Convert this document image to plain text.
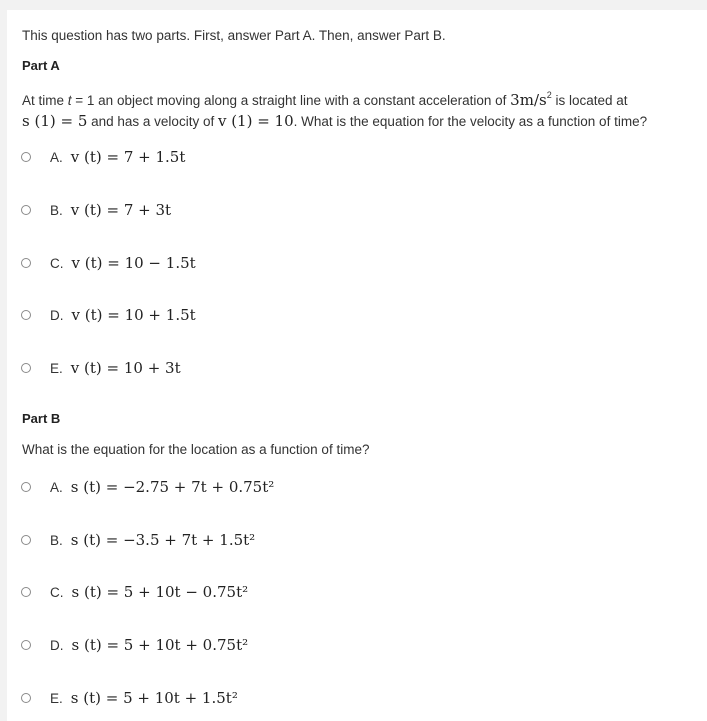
This question has two parts. First, answer Part A. Then, answer Part B.
Part A
At time t = 1 an object moving along a straight line with a constant acceleration of $3m/s^2$ is located at
s (1) = 5 and has a velocity of v (1) = 10. What is the equation for the velocity as a function of time?
A. v (t) = 7 + 1.5t
B. v (t) = 7 + 3t
C. v (t) = 10 − 1.5t
D. v (t) = 10 + 1.5t
E. v (t) = 10 + 3t
Part B
What is the equation for the location as a function of time?
A. s (t) = −2.75 + 7t + 0.75t²
B. s (t) = −3.5 + 7t + 1.5t²
C. s (t) = 5 + 10t − 0.75t²
D. s (t) = 5 + 10t + 0.75t²
E. s (t) = 5 + 10t + 1.5t²
